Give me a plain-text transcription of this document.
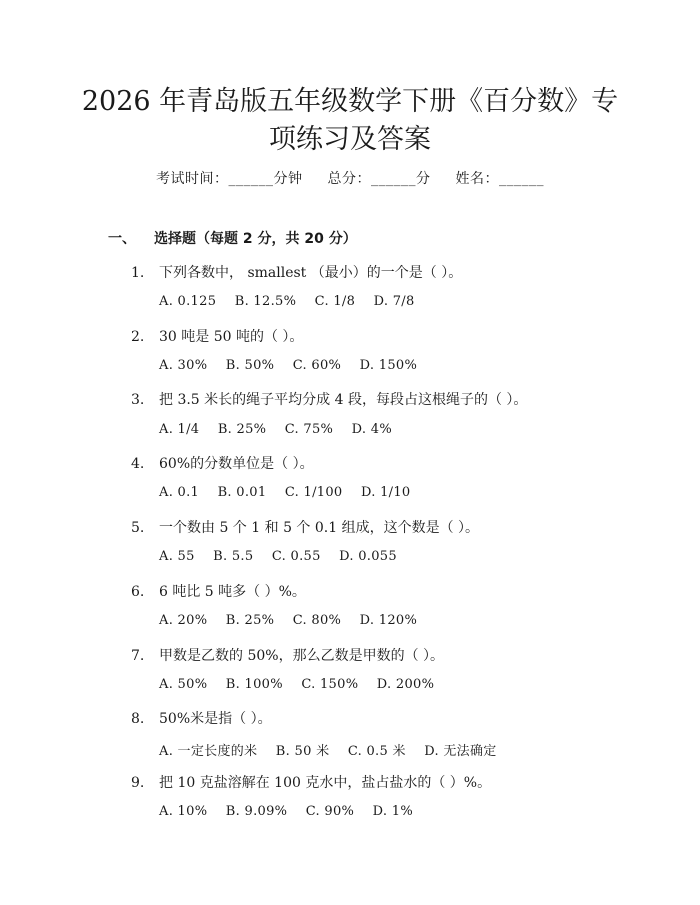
2026 年青岛版五年级数学下册《百分数》专
项练习及答案
考试时间：______分钟 总分：______分 姓名：______
一、 选择题（每题 2 分，共 20 分）
1. 下列各数中， smallest （最小）的一个是（ ）。
A. 0.125 B. 12.5% C. 1/8 D. 7/8
2. 30 吨是 50 吨的（ ）。
A. 30% B. 50% C. 60% D. 150%
3. 把 3.5 米长的绳子平均分成 4 段，每段占这根绳子的（ ）。
A. 1/4 B. 25% C. 75% D. 4%
4. 60%的分数单位是（ ）。
A. 0.1 B. 0.01 C. 1/100 D. 1/10
5. 一个数由 5 个 1 和 5 个 0.1 组成，这个数是（ ）。
A. 55 B. 5.5 C. 0.55 D. 0.055
6. 6 吨比 5 吨多（ ）%。
A. 20% B. 25% C. 80% D. 120%
7. 甲数是乙数的 50%，那么乙数是甲数的（ ）。
A. 50% B. 100% C. 150% D. 200%
8. 50%米是指（ ）。
A. 一定长度的米 B. 50 米 C. 0.5 米 D. 无法确定
9. 把 10 克盐溶解在 100 克水中，盐占盐水的（ ）%。
A. 10% B. 9.09% C. 90% D. 1%
